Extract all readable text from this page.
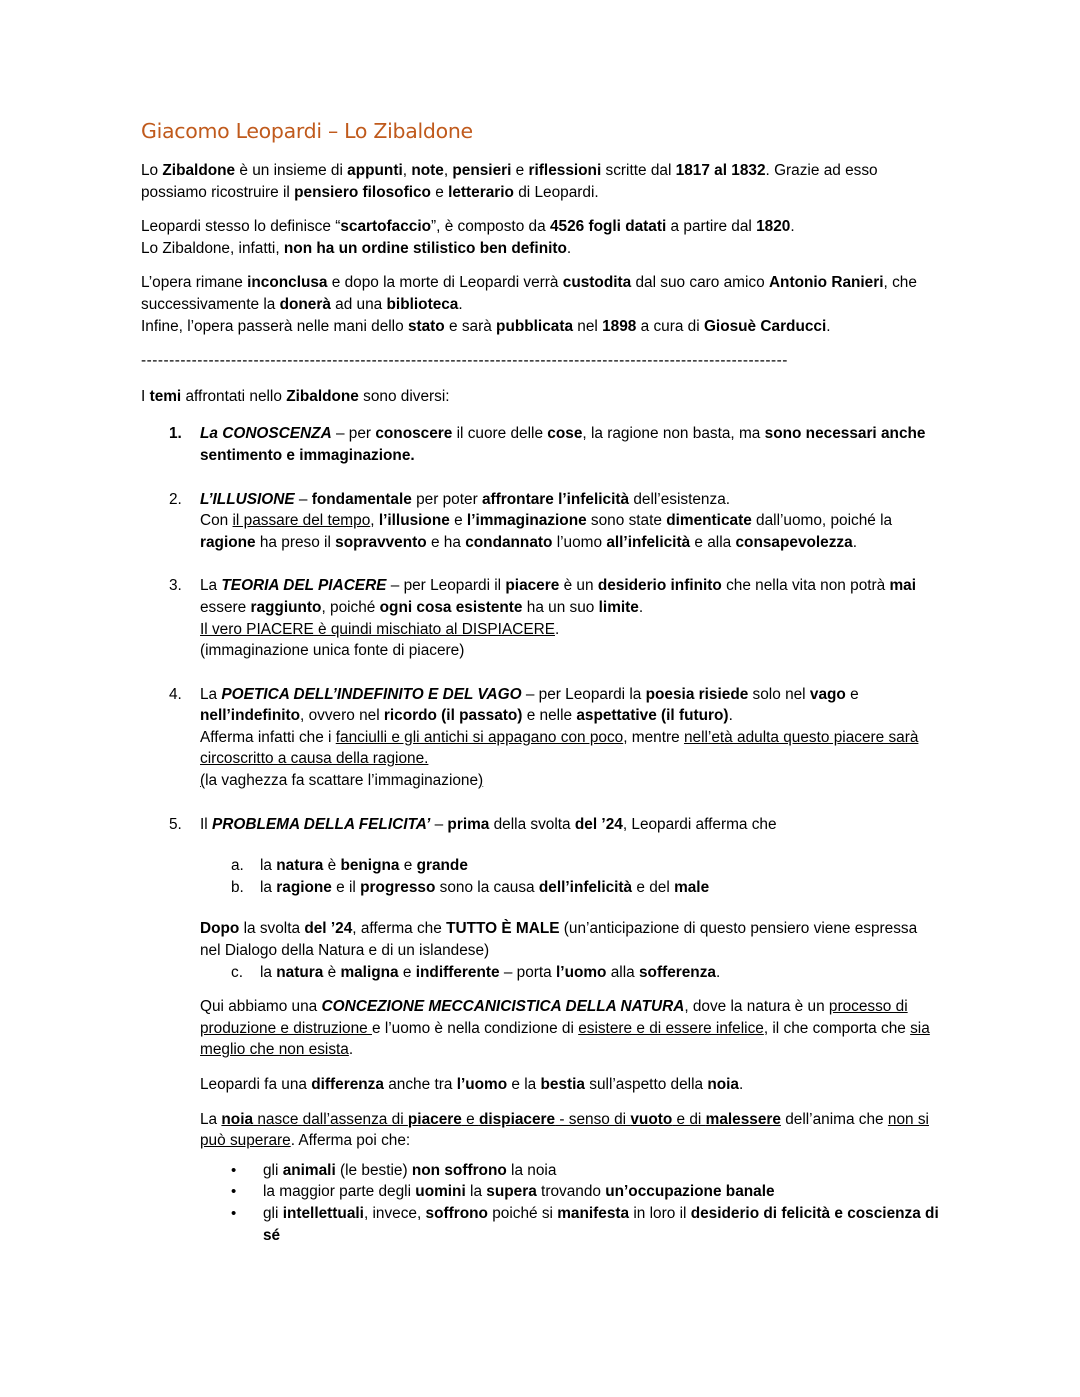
Giacomo Leopardi – Lo Zibaldone

Lo Zibaldone è un insieme di appunti, note, pensieri e riflessioni scritte dal 1817 al 1832. Grazie ad esso possiamo ricostruire il pensiero filosofico e letterario di Leopardi.

Leopardi stesso lo definisce “scartofaccio”, è composto da 4526 fogli datati a partire dal 1820.
Lo Zibaldone, infatti, non ha un ordine stilistico ben definito.

L’opera rimane inconclusa e dopo la morte di Leopardi verrà custodita dal suo caro amico Antonio Ranieri, che successivamente la donerà ad una biblioteca.
Infine, l’opera passerà nelle mani dello stato e sarà pubblicata nel 1898 a cura di Giosuè Carducci.

-------------------------------------------------------------------------------------------------------------------

I temi affrontati nello Zibaldone sono diversi:

1. La CONOSCENZA – per conoscere il cuore delle cose, la ragione non basta, ma sono necessari anche sentimento e immaginazione.
2. L’ILLUSIONE – fondamentale per poter affrontare l’infelicità dell’esistenza.
Con il passare del tempo, l’illusione e l’immaginazione sono state dimenticate dall’uomo, poiché la ragione ha preso il sopravvento e ha condannato l’uomo all’infelicità e alla consapevolezza.
3. La TEORIA DEL PIACERE – per Leopardi il piacere è un desiderio infinito che nella vita non potrà mai essere raggiunto, poiché ogni cosa esistente ha un suo limite.
Il vero PIACERE è quindi mischiato al DISPIACERE.
(immaginazione unica fonte di piacere)
4. La POETICA DELL’INDEFINITO E DEL VAGO – per Leopardi la poesia risiede solo nel vago e nell’indefinito, ovvero nel ricordo (il passato) e nelle aspettative (il futuro).
Afferma infatti che i fanciulli e gli antichi si appagano con poco, mentre nell’età adulta questo piacere sarà circoscritto a causa della ragione.
(la vaghezza fa scattare l’immaginazione)
5. Il PROBLEMA DELLA FELICITA’ – prima della svolta del ’24, Leopardi afferma che
a. la natura è benigna e grande
b. la ragione e il progresso sono la causa dell’infelicità e del male
Dopo la svolta del ’24, afferma che TUTTO È MALE (un’anticipazione di questo pensiero viene espressa nel Dialogo della Natura e di un islandese)
c. la natura è maligna e indifferente – porta l’uomo alla sofferenza.

Qui abbiamo una CONCEZIONE MECCANICISTICA DELLA NATURA, dove la natura è un processo di produzione e distruzione e l’uomo è nella condizione di esistere e di essere infelice, il che comporta che sia meglio che non esista.

Leopardi fa una differenza anche tra l’uomo e la bestia sull’aspetto della noia.

La noia nasce dall’assenza di piacere e dispiacere - senso di vuoto e di malessere dell’anima che non si può superare. Afferma poi che:

• gli animali (le bestie) non soffrono la noia
• la maggior parte degli uomini la supera trovando un’occupazione banale
• gli intellettuali, invece, soffrono poiché si manifesta in loro il desiderio di felicità e coscienza di sé
